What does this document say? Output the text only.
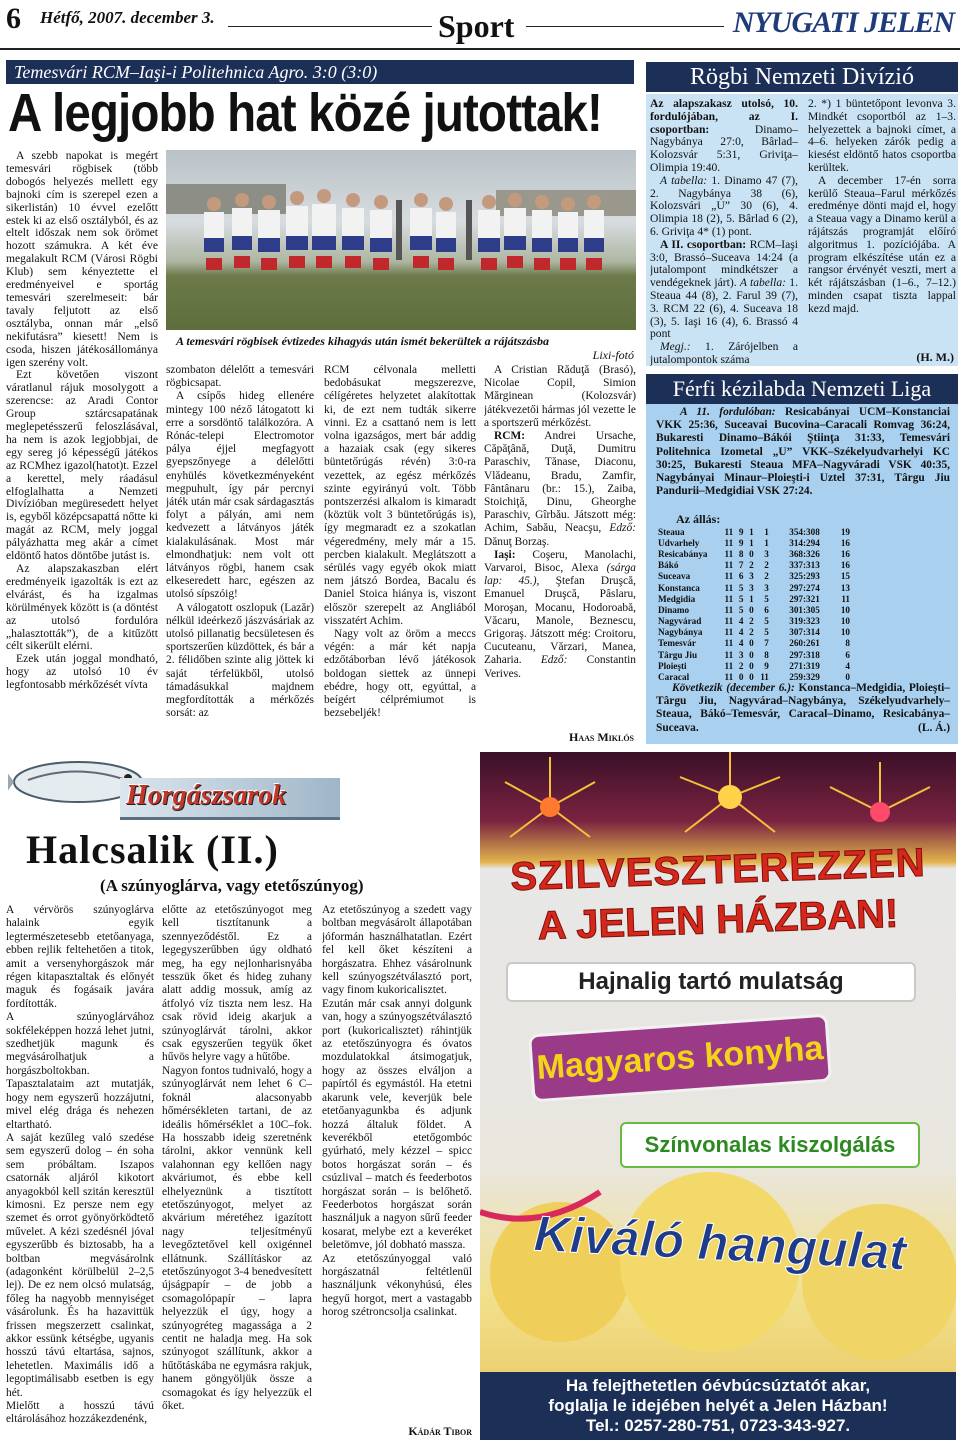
6 Hétfő, 2007. december 3.	Sport	NYUGATI JELEN
Temesvári RCM–Iaşi-i Politehnica Agro. 3:0 (3:0)
A legjobb hat közé jutottak!

A szebb napokat is megért temesvári rögbisek (több dobogós helyezés mellett egy bajnoki cím is szerepel ezen a sikerlistán) 10 évvel ezelőtt estek ki az első osztályból, és az eltelt időszak nem sok örömet hozott számukra. A két éve megalakult RCM (Városi Rögbi Klub) sem kényeztette el eredményeivel e sportág temesvári szerelmeseit: bár tavaly feljutott az első osztályba, onnan már „első nekifutásra” kiesett! Nem is csoda, hiszen játékosállománya igen szerény volt.

Ezt követően viszont váratlanul rájuk mosolygott a szerencse: az Aradi Contor Group sztárcsapatának meglepetésszerű feloszlásával, ha nem is azok legjobbjai, de egy sereg jó képességű játékos az RCMhez igazol(hatot)t. Ezzel a kerettel, mely ráadásul elfoglalhatta a Nemzeti Divízióban megüresedett helyet is, egyből középcsapattá nőtte ki magát az RCM, mely joggal pályázhatta meg akár a címet eldöntő hatos döntőbe jutást is.

Az alapszakaszban elért eredményeik igazolták is ezt az elvárást, és ha izgalmas körülmények között is (a döntést az utolsó fordulóra „halasztották”), de a kitűzött célt sikerült elérni.

Ezek után joggal mondható, hogy az utolsó 10 év legfontosabb mérkőzését vívta

A temesvári rögbisek évtizedes kihagyás után ismét bekerültek a rájátszásba
Lixi-fotó

szombaton délelőtt a temesvári rögbicsapat.

A csípős hideg ellenére mintegy 100 néző látogatott ki erre a sorsdöntő találkozóra. A Rónác-telepi Electromotor pálya éjjel megfagyott gyepszőnyege a délelőtti enyhülés következményeként megpuhult, így pár percnyi játék után már csak sárdagasztás folyt a pályán, ami nem kedvezett a látványos játék kialakulásának. Most már elmondhatjuk: nem volt ott látványos rögbi, hanem csak elkeseredett harc, egészen az utolsó sípszóig!

A válogatott oszlopuk (Lazăr) nélkül ideérkező jászvásáriak az utolsó pillanatig becsületesen és sportszerűen küzdöttek, és bár a 2. félidőben szinte alig jöttek ki saját térfelükből, utolsó támadásukkal majdnem megfordították a mérkőzés sorsát: az

RCM célvonala melletti bedobásukat megszerezve, célígéretes helyzetet alakítottak ki, de ezt nem tudták sikerre vinni. Ez a csattanó nem is lett volna igazságos, mert bár addig a hazaiak csak (egy sikeres büntetőrúgás révén) 3:0-ra vezettek, az egész mérkőzés szinte egyirányú volt. Több pontszerzési alkalom is kimaradt (köztük volt 3 büntetőrúgás is), így megmaradt ez a szokatlan végeredmény, mely már a 15. percben kialakult. Meglátszott a sérülés vagy egyéb okok miatt nem játszó Bordea, Bacalu és Daniel Stoica hiánya is, viszont először szerepelt az Angliából visszatért Achim.

Nagy volt az öröm a meccs végén: a már két napja edzőtáborban lévő játékosok boldogan siettek az ünnepi ebédre, hogy ott, egyúttal, a beígért célprémiumot is bezsebeljék!

A Cristian Răduţă (Brasó), Nicolae Copil, Simion Mărginean (Kolozsvár) játékvezetői hármas jól vezette le a sportszerű mérkőzést.

RCM: Andrei Ursache, Căpăţână, Duţă, Dumitru Paraschiv, Tănase, Diaconu, Vlădeanu, Bradu, Zamfir, Fântânaru (br.: 15.), Zaiba, Stoichiţă, Dinu, Gheorghe Paraschiv, Gîrbău. Játszott még: Achim, Sabău, Neacşu, Edző: Dănuţ Borzaş.

Iaşi: Coşeru, Manolachi, Varvaroi, Bisoc, Alexa (sárga lap: 45.), Ştefan Druşcă, Emanuel Druşcă, Pâslaru, Moroşan, Mocanu, Hodoroabă, Văcaru, Manole, Beznescu, Grigoraş. Játszott még: Croitoru, Cucuteanu, Vărzari, Manea, Zaharia. Edző: Constantin Verives.

Haas Miklós
Rögbi Nemzeti Divízió

Az alapszakasz utolsó, 10. fordulójában, az I. csoportban:	Dinamo–Nagybánya 27:0, Bârlad–Kolozsvár 5:31, Griviţa–Olimpia 19:40.

A tabella: 1. Dinamo 47 (7), 2. Nagybánya 38 (6), Kolozsvári „U” 30 (6), 4. Olimpia 18 (2), 5. Bârlad 6 (2), 6. Griviţa 4* (1) pont.

A II. csoportban: RCM–Iaşi 3:0, Brassó–Suceava 14:24 (a jutalompont mindkétszer a vendégeknek járt). A tabella: 1. Steaua 44 (8), 2. Farul 39 (7), 3. RCM 22 (6), 4. Suceava 18 (3), 5. Iaşi 16 (4), 6. Brassó 4 pont

Megj.: 1. Zárójelben a jutalompontok száma

2. *) 1 büntetőpont levonva 3. Mindkét csoportból az 1–3. helyezettek a bajnoki címet, a 4–6. helyeken zárók pedig a kiesést eldöntő hatos csoportba kerültek.

A december 17-én sorra kerülő Steaua–Farul mérkőzés eredménye dönti majd el, hogy a Steaua vagy a Dinamo kerül a rájátszás programját előíró algoritmus 1. pozíciójába. A program elkészítése után ez a rangsor érvényét veszti, mert a két rájátszásban (1–6., 7–12.) minden csapat tiszta lappal kezd majd.

(H. M.)
Férfi kézilabda Nemzeti Liga
A 11. fordulóban: Resicabányai UCM–Konstanciai VKK 25:36, Suceavai Bucovina–Caracali Romvag 36:24, Bukaresti Dinamo–Bákói Ştiinţa 31:33, Temesvári Politehnica Izometal „U” VKK–Székelyudvarhelyi KC 30:25, Bukaresti Steaua MFA–Nagyváradi VSK 40:35, Nagybányai Minaur–Ploieşti-i Uztel 37:31, Târgu Jiu Pandurii–Medgidiai VSK 27:24.
Az állás:
Steaua	11	9	1	1	354:308	19
Udvarhely	11	9	1	1	314:294	16
Resicabánya	11	8	0	3	368:326	16
Bákó	11	7	2	2	337:313	16
Suceava	11	6	3	2	325:293	15
Konstanca	11	5	3	3	297:274	13
Medgidia	11	5	1	5	297:321	11
Dinamo	11	5	0	6	301:305	10
Nagyvárad	11	4	2	5	319:323	10
Nagybánya	11	4	2	5	307:314	10
Temesvár	11	4	0	7	260:261	8
Târgu Jiu	11	3	0	8	297:318	6
Ploieşti	11	2	0	9	271:319	4
Caracal	11	0	0	11	259:329	0
Következik (december 6.): Konstanca–Medgidia, Ploieşti–Târgu Jiu, Nagyvárad–Nagybánya, Székelyudvarhely–Steaua, Bákó–Temesvár, Caracal–Dinamo, Resicabánya–Suceava.	(L. Á.)
Horgászsarok
Halcsalik (II.)
(A szúnyoglárva, vagy etetőszúnyog)
A vérvörös szúnyoglárva halaink egyik legtermészetesebb etetőanyaga, ebben rejlik feltehetően a titok, amit a versenyhorgászok már régen kitapasztaltak és előnyét maguk és fogásaik javára fordították.
A szúnyoglárvához sokféleképpen hozzá lehet jutni, szedhetjük magunk és megvásárolhatjuk a horgászboltokban. Tapasztalataim azt mutatják, hogy nem egyszerű hozzájutni, mivel elég drága és nehezen eltartható.
A saját kezűleg való szedése sem egyszerű dolog – én soha sem próbáltam. Iszapos csatornák aljáról kikotort anyagokból kell szitán keresztül kimosni. Ez persze nem egy szemet és orrot gyönyörködtető művelet. A kézi szedésnél jóval egyszerűbb és biztosabb, ha a boltban megvásárolnk (adagonként körülbelül 2–2,5 lej). De ez nem olcsó mulatság, főleg ha nagyobb mennyiséget vásárolunk. És ha hazavittük frissen megszerzett csalinkat, akkor essünk kétségbe, ugyanis hosszú távú eltartása, sajnos, lehetetlen. Maximális idő a legoptimálisabb esetben is egy hét.
Mielőtt a hosszú távú eltárolásához hozzákezdenénk,
előtte az etetőszúnyogot meg kell tisztítanunk a szennyeződéstől. Ez a legegyszerűbben úgy oldható meg, ha egy nejlonharisnyába tesszük őket és hideg zuhany alatt addig mossuk, amíg az átfolyó víz tiszta nem lesz. Ha csak rövid ideig akarjuk a szúnyoglárvát tárolni, akkor csak egyszerűen tegyük őket hűvös helyre vagy a hűtőbe.
Nagyon fontos tudnivaló, hogy a szúnyoglárvát nem lehet 6 C–foknál alacsonyabb hőmérsékleten tartani, de az ideális hőmérséklet a 10C–fok. Ha hosszabb ideig szeretnénk tárolni, akkor vennünk kell valahonnan egy kellően nagy akváriumot, és ebbe kell elhelyeznünk a tisztított etetőszúnyogot, melyet az akvárium méretéhez igazított nagy teljesítményű levegőztetővel kell oxigénnel ellátnunk. Szállításkor az etetőszúnyogot 3-4 benedvesített újságpapír – de jobb a csomagolópapír – lapra helyezzük el úgy, hogy a szúnyogréteg magassága a 2 centit ne haladja meg. Ha sok szúnyogot szállítunk, akkor a hűtőtáskába ne egymásra rakjuk, hanem göngyöljük össze a csomagokat és így helyezzük el őket.
Az etetőszúnyog a szedett vagy boltban megvásárolt állapotában jóformán használhatatlan. Ezért fel kell őket készíteni a horgászatra. Ehhez vásárolnunk kell szúnyogszétválasztó port, vagy finom kukoricalisztet.
Ezután már csak annyi dolgunk van, hogy a szúnyogszétválasztó port (kukoricalisztet) ráhintjük az etetőszúnyogra és óvatos mozdulatokkal átsimogatjuk, hogy az összes elváljon a papírtól és egymástól. Ha etetni akarunk vele, keverjük bele etetőanyagunkba és adjunk hozzá általuk földet. A keverékből etetőgombóc gyúrható, mely kézzel – spicc botos horgászat során – és csúzlival – match és feederbotos horgászat során – is belőhető. Feederbotos horgászat során használjuk a nagyon sűrű feeder kosarat, melybe ezt a keveréket beletömve, jól dobható massza.
Az etetőszúnyoggal való horgászatnál feltétlenül használjunk vékonyhúsú, éles hegyű horgot, mert a vastagabb horog szétroncsolja csalinkat.
Kádár Tibor
SZILVESZTEREZZEN
A JELEN HÁZBAN!
Hajnalig tartó mulatság
Magyaros konyha
Színvonalas kiszolgálás
Kiváló hangulat
Ha felejthetetlen óévbúcsúztatót akar,
foglalja le idejében helyét a Jelen Házban!
Tel.: 0257-280-751, 0723-343-927.
